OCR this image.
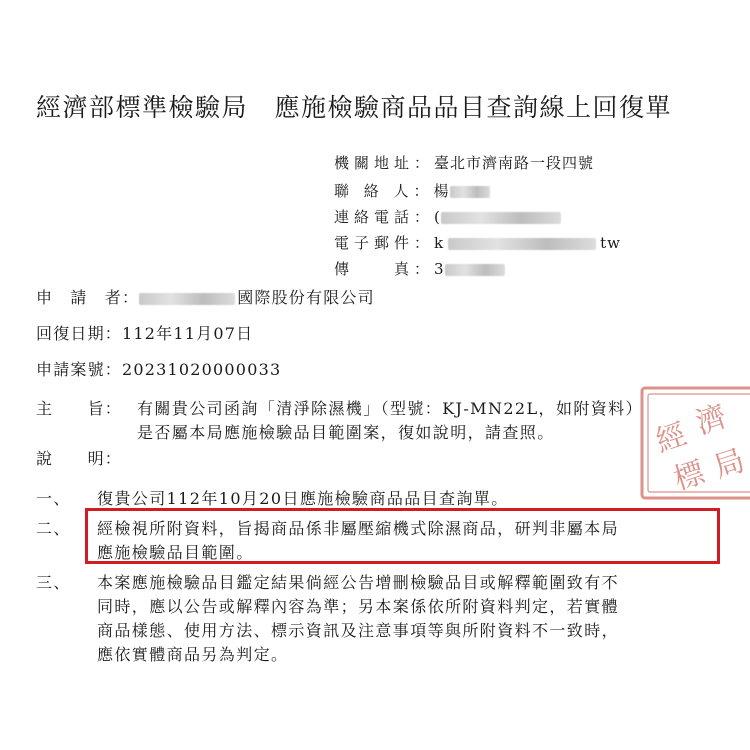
經濟部標準檢驗局　應施檢驗商品品目查詢線上回復單
機關地址：臺北市濟南路一段四號
聯 絡 人：楊
連絡電話：(
電子郵件：k	tw
傳　　真：3
申　請　者：	國際股份有限公司
回復日期：112年11月07日
申請案號：20231020000033
主　　旨： 有關貴公司函詢「清淨除濕機」（型號：KJ-MN22L，如附資料）
是否屬本局應施檢驗品目範圍案，復如說明，請查照。
說　　明：
一、 復貴公司112年10月20日應施檢驗商品品目查詢單。
二、 經檢視所附資料，旨揭商品係非屬壓縮機式除濕商品，研判非屬本局
應施檢驗品目範圍。
三、 本案應施檢驗品目鑑定結果倘經公告增刪檢驗品目或解釋範圍致有不
同時，應以公告或解釋內容為準；另本案係依所附資料判定，若實體
商品樣態、使用方法、標示資訊及注意事項等與所附資料不一致時，
應依實體商品另為判定。
經 濟
標 局
